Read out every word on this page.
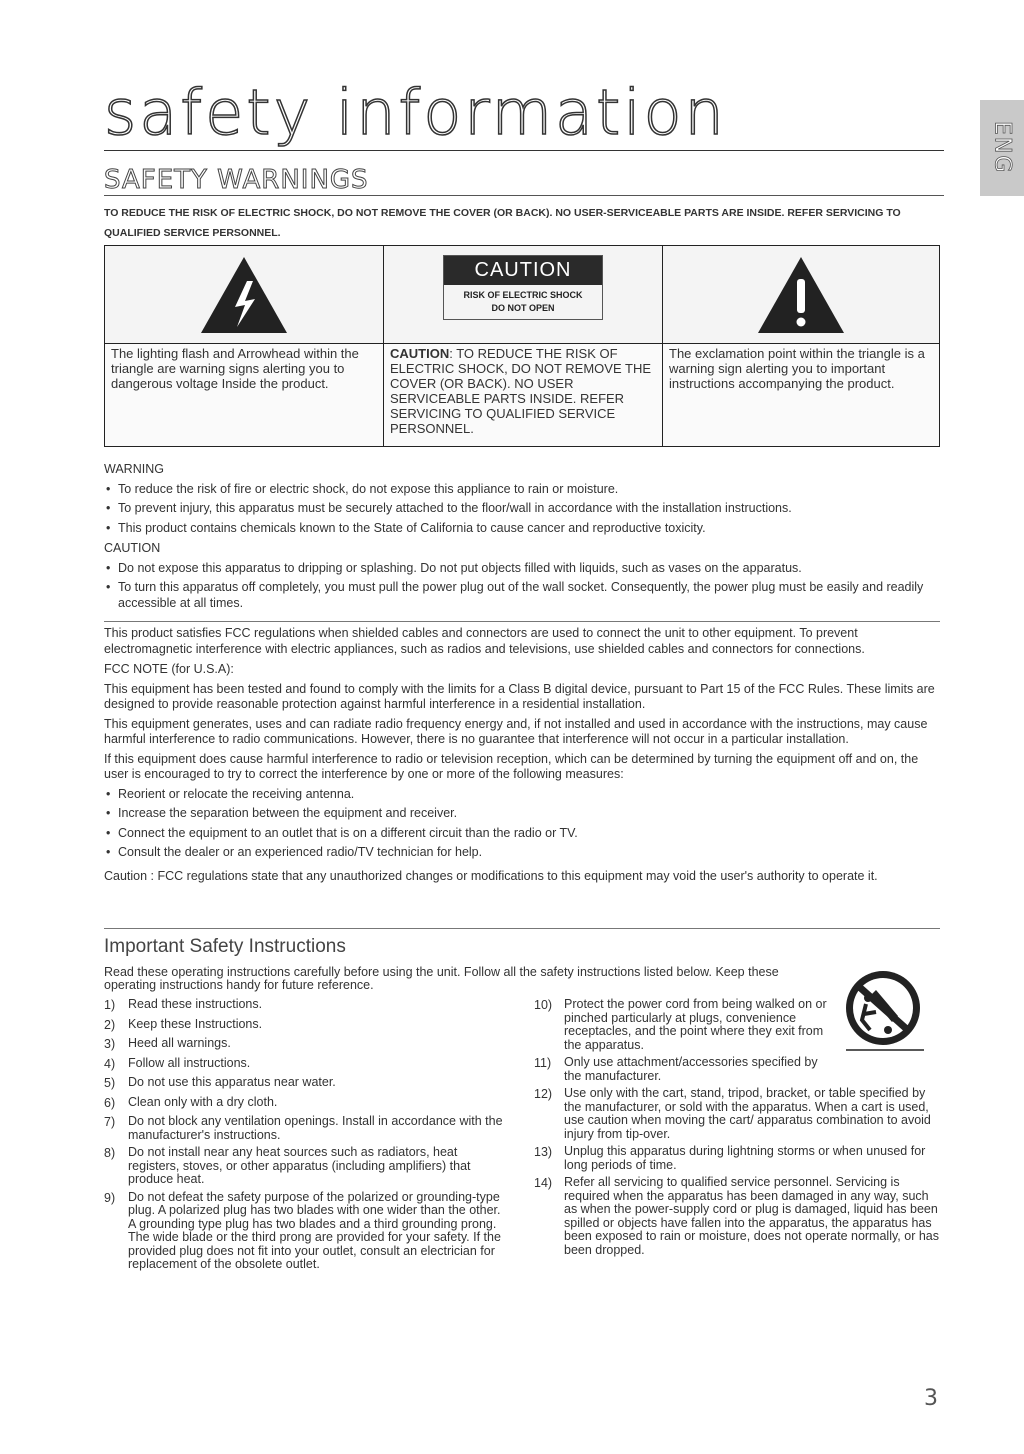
safety information	ENG
SAFETY WARNINGS
TO REDUCE THE RISK OF ELECTRIC SHOCK, DO NOT REMOVE THE COVER (OR BACK). NO USER-SERVICEABLE PARTS ARE INSIDE. REFER SERVICING TO QUALIFIED SERVICE PERSONNEL.

CAUTION
RISK OF ELECTRIC SHOCK
DO NOT OPEN

The lighting flash and Arrowhead within the triangle are warning signs alerting you to dangerous voltage Inside the product.	CAUTION: TO REDUCE THE RISK OF ELECTRIC SHOCK, DO NOT REMOVE THE COVER (OR BACK). NO USER SERVICEABLE PARTS INSIDE. REFER SERVICING TO QUALIFIED SERVICE PERSONNEL.	The exclamation point within the triangle is a warning sign alerting you to important instructions accompanying the product.
WARNING
• To reduce the risk of fire or electric shock, do not expose this appliance to rain or moisture.
• To prevent injury, this apparatus must be securely attached to the floor/wall in accordance with the installation instructions.
• This product contains chemicals known to the State of California to cause cancer and reproductive toxicity.
CAUTION
• Do not expose this apparatus to dripping or splashing. Do not put objects filled with liquids, such as vases on the apparatus.
• To turn this apparatus off completely, you must pull the power plug out of the wall socket. Consequently, the power plug must be easily and readily accessible at all times.
This product satisfies FCC regulations when shielded cables and connectors are used to connect the unit to other equipment. To prevent electromagnetic interference with electric appliances, such as radios and televisions, use shielded cables and connectors for connections.
FCC NOTE (for U.S.A):
This equipment has been tested and found to comply with the limits for a Class B digital device, pursuant to Part 15 of the FCC Rules. These limits are designed to provide reasonable protection against harmful interference in a residential installation.
This equipment generates, uses and can radiate radio frequency energy and, if not installed and used in accordance with the instructions, may cause harmful interference to radio communications. However, there is no guarantee that interference will not occur in a particular installation.
If this equipment does cause harmful interference to radio or television reception, which can be determined by turning the equipment off and on, the user is encouraged to try to correct the interference by one or more of the following measures:
• Reorient or relocate the receiving antenna.
• Increase the separation between the equipment and receiver.
• Connect the equipment to an outlet that is on a different circuit than the radio or TV.
• Consult the dealer or an experienced radio/TV technician for help.
Caution : FCC regulations state that any unauthorized changes or modifications to this equipment may void the user's authority to operate it.
Important Safety Instructions
Read these operating instructions carefully before using the unit. Follow all the safety instructions listed below. Keep these operating instructions handy for future reference.
1)	Read these instructions.
2)	Keep these Instructions.
3)	Heed all warnings.
4)	Follow all instructions.
5)	Do not use this apparatus near water.
6)	Clean only with a dry cloth.
7)	Do not block any ventilation openings. Install in accordance with the manufacturer's instructions.
8)	Do not install near any heat sources such as radiators, heat registers, stoves, or other apparatus (including amplifiers) that produce heat.
9)	Do not defeat the safety purpose of the polarized or grounding-type plug. A polarized plug has two blades with one wider than the other. A grounding type plug has two blades and a third grounding prong. The wide blade or the third prong are provided for your safety. If the provided plug does not fit into your outlet, consult an electrician for replacement of the obsolete outlet.
10) Protect the power cord from being walked on or pinched particularly at plugs, convenience receptacles, and the point where they exit from the apparatus.
11)	Only use attachment/accessories specified by the manufacturer.
12) Use only with the cart, stand, tripod, bracket, or table specified by the manufacturer, or sold with the apparatus. When a cart is used, use caution when moving the cart/ apparatus combination to avoid injury from tip-over.
13) Unplug this apparatus during lightning storms or when unused for long periods of time.
14) Refer all servicing to qualified service personnel. Servicing is required when the apparatus has been damaged in any way, such as when the power-supply cord or plug is damaged, liquid has been spilled or objects have fallen into the apparatus, the apparatus has been exposed to rain or moisture, does not operate normally, or has been dropped.
3
